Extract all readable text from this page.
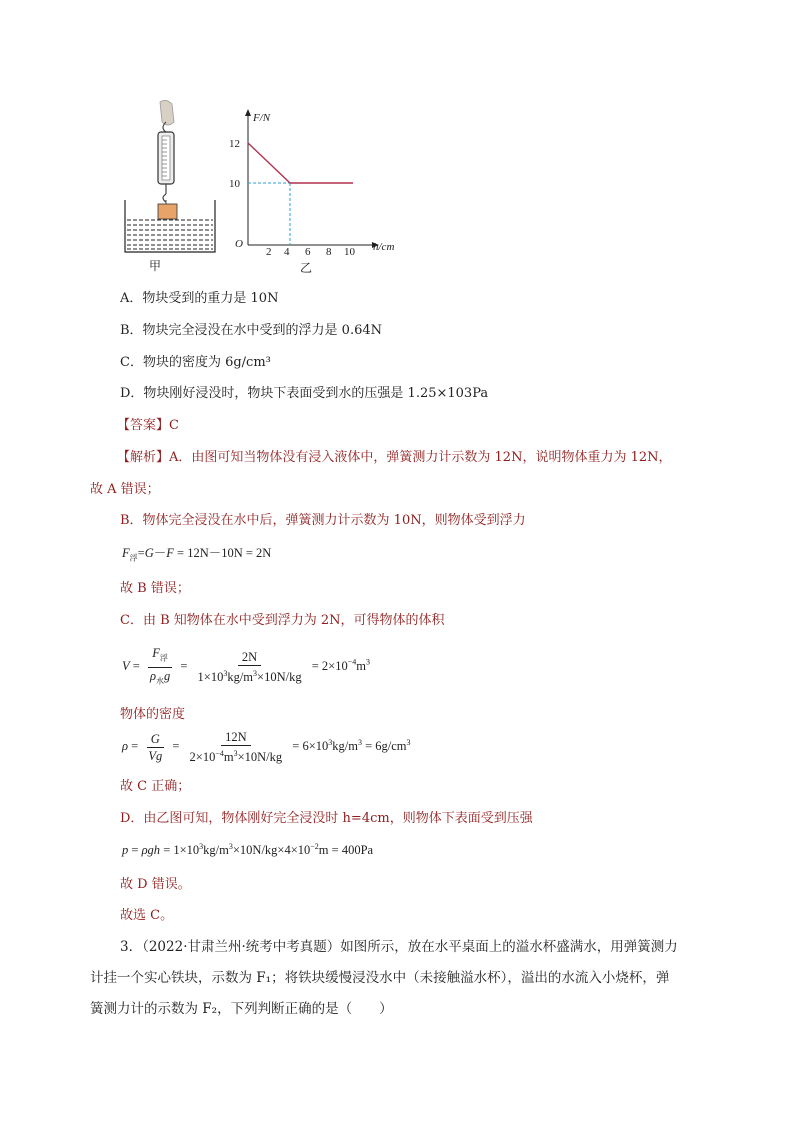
甲
F/N
h/cm
O
12
10
2 4 6 8 10
乙
A．物块受到的重力是 10N
B．物块完全浸没在水中受到的浮力是 0.64N
C．物块的密度为 6g/cm³
D．物块刚好浸没时，物块下表面受到水的压强是 1.25×103Pa
【答案】C
【解析】A．由图可知当物体没有浸入液体中，弹簧测力计示数为 12N，说明物体重力为 12N，
故 A 错误；
B．物体完全浸没在水中后，弹簧测力计示数为 10N，则物体受到浮力
$F_浮=G-F = 12N-10N = 2N$
故 B 错误；
C．由 B 知物体在水中受到浮力为 2N，可得物体的体积
$V = \frac{F_浮}{\rho_水g} = \frac{2N}{1\times 10^3kg/m^3\times 10N/kg} = 2\times 10^{-4}m^3$
物体的密度
$\rho = \frac{G}{Vg} = \frac{12N}{2\times 10^{-4}m^3\times 10N/kg} = 6\times 10^3kg/m^3 = 6g/cm^3$
故 C 正确；
D．由乙图可知，物体刚好完全浸没时 h=4cm，则物体下表面受到压强
$p = \rho gh = 1\times 10^3kg/m^3\times 10N/kg\times 4\times 10^{-2}m = 400Pa$
故 D 错误。
故选 C。
3．（2022·甘肃兰州·统考中考真题）如图所示，放在水平桌面上的溢水杯盛满水，用弹簧测力
计挂一个实心铁块，示数为 F₁；将铁块缓慢浸没水中（未接触溢水杯），溢出的水流入小烧杯，弹
簧测力计的示数为 F₂，下列判断正确的是（　　）
